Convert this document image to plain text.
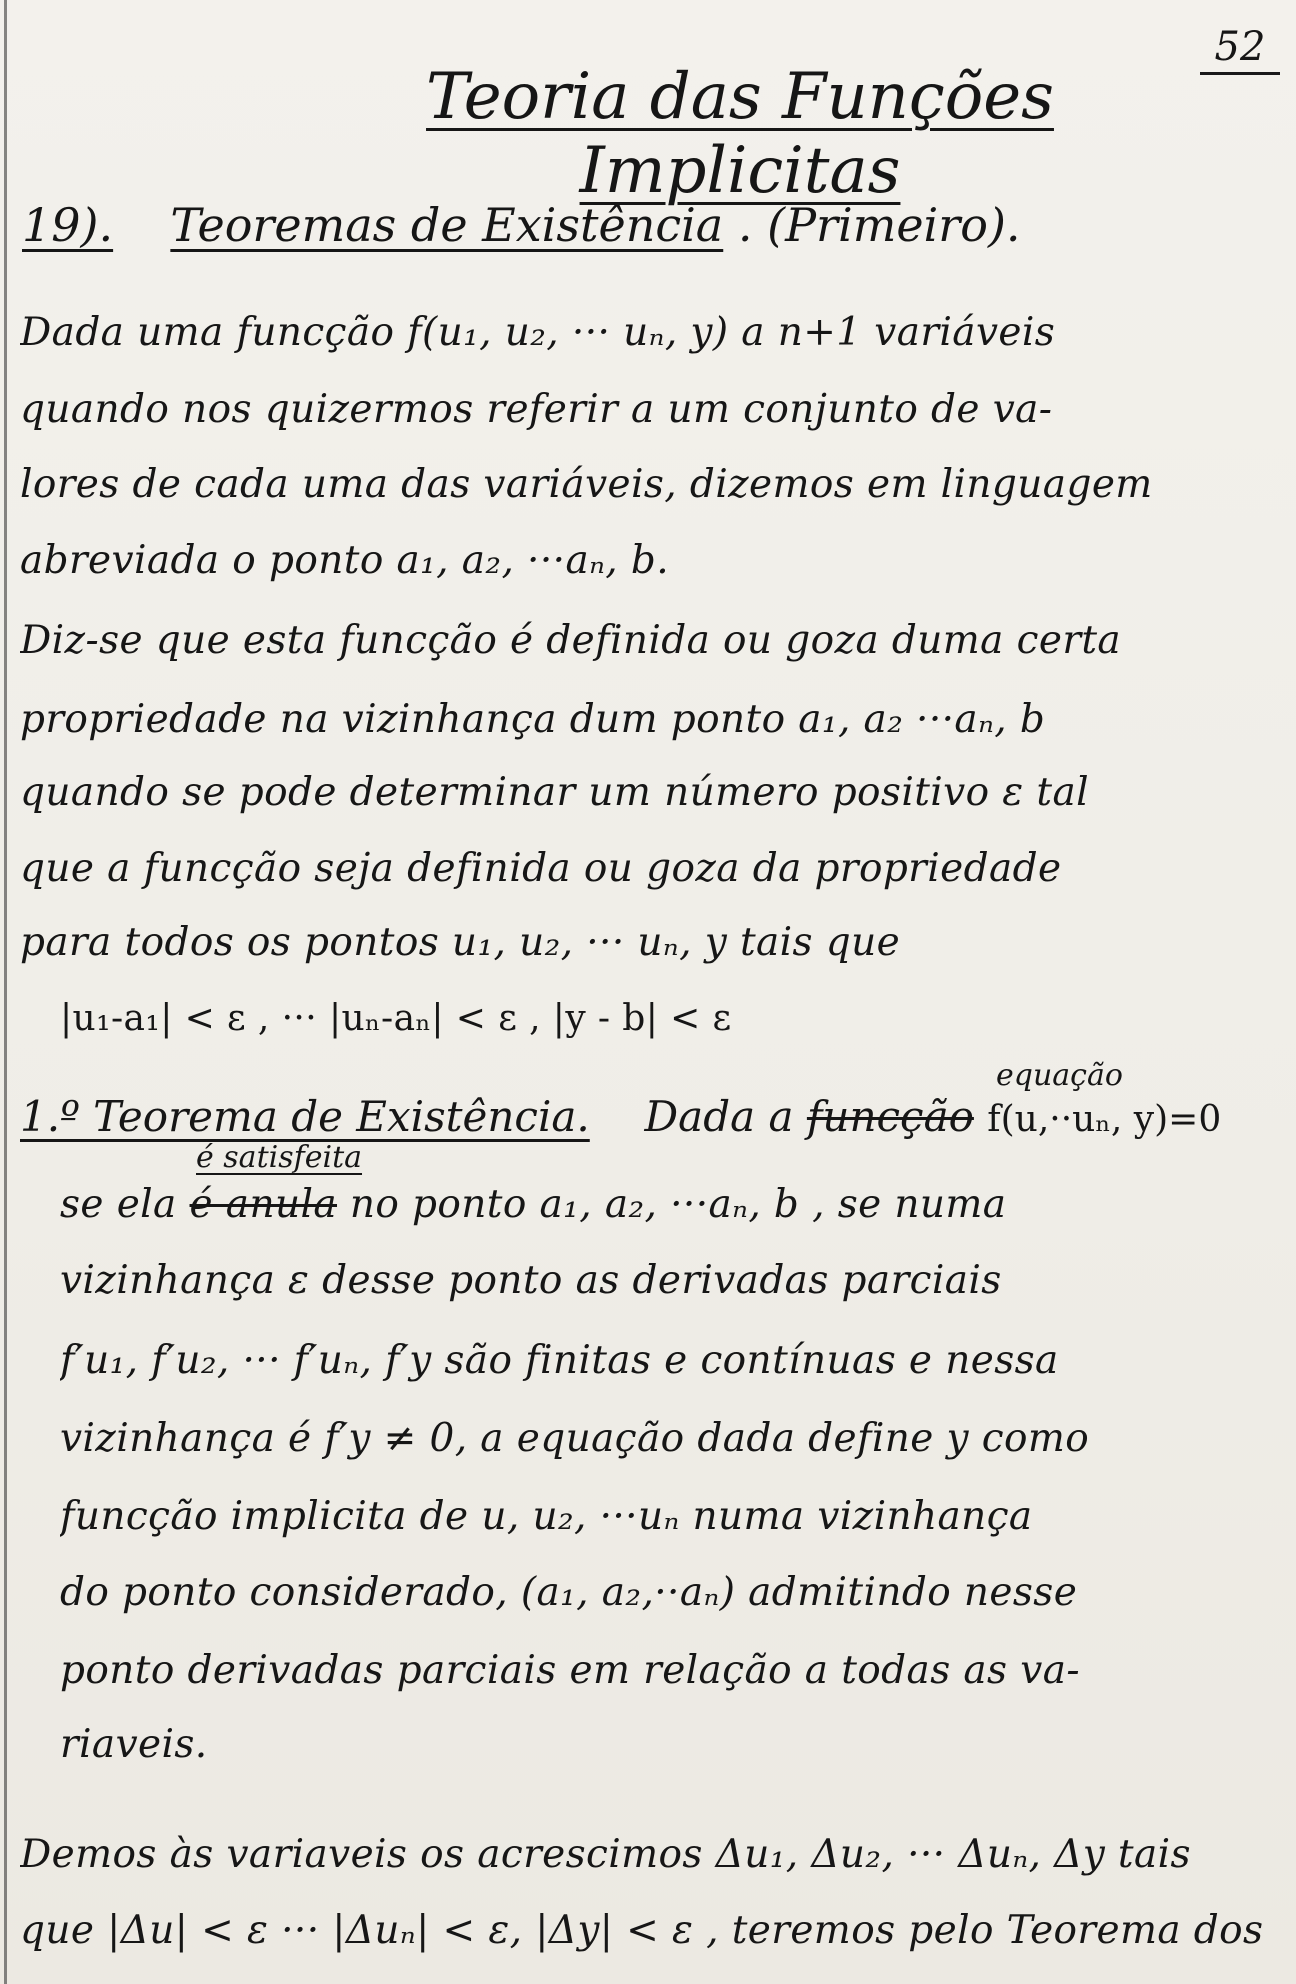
52
Teoria das Funções Implicitas
19). Teoremas de Existência . (Primeiro).
Dada uma funcção f(u₁, u₂, ··· uₙ, y) a n+1 variáveis
quando nos quizermos referir a um conjunto de va-
lores de cada uma das variáveis, dizemos em linguagem
abreviada o ponto a₁, a₂, ···aₙ, b.
Diz-se que esta funcção é definida ou goza duma certa
propriedade na vizinhança dum ponto a₁, a₂ ···aₙ, b
quando se pode determinar um número positivo ε tal
que a funcção seja definida ou goza da propriedade
para todos os pontos u₁, u₂, ··· uₙ, y tais que
|u₁-a₁| < ε , ··· |uₙ-aₙ| < ε , |y - b| < ε
equação
1.º Teorema de Existência. Dada a funcção f(u,··uₙ, y)=0
é satisfeita
se ela é anula no ponto a₁, a₂, ···aₙ, b , se numa
vizinhança ε desse ponto as derivadas parciais
f′u₁, f′u₂, ··· f′uₙ, f′y são finitas e contínuas e nessa
vizinhança é f′y ≠ 0, a equação dada define y como
funcção implicita de u, u₂, ···uₙ numa vizinhança
do ponto considerado, (a₁, a₂,··aₙ) admitindo nesse
ponto derivadas parciais em relação a todas as va-
riaveis.
Demos às variaveis os acrescimos Δu₁, Δu₂, ··· Δuₙ, Δy tais
que |Δu| < ε ··· |Δuₙ| < ε, |Δy| < ε , teremos pelo Teorema dos
